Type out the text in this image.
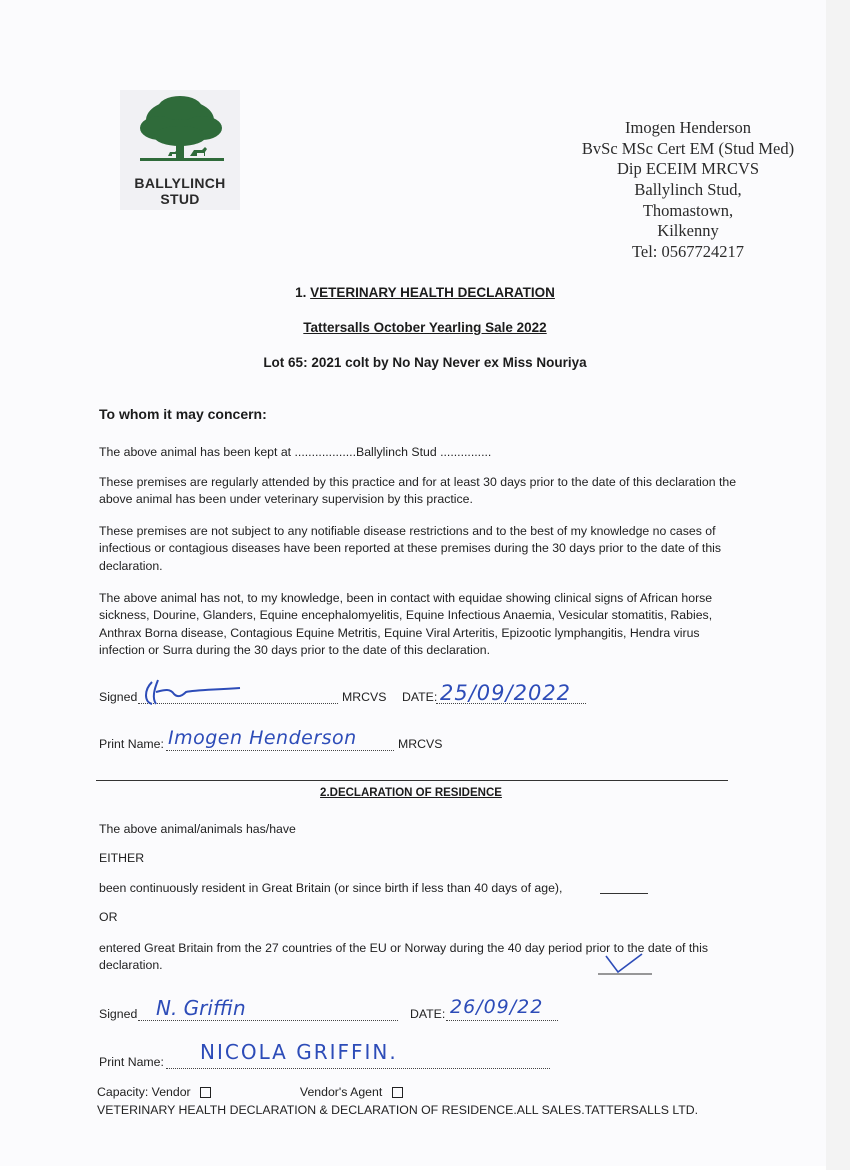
BALLYLINCH
STUD
Imogen Henderson
BvSc MSc Cert EM (Stud Med)
Dip ECEIM MRCVS
Ballylinch Stud,
Thomastown,
Kilkenny
Tel: 0567724217
1. VETERINARY HEALTH DECLARATION
Tattersalls October Yearling Sale 2022
Lot 65: 2021 colt by No Nay Never ex Miss Nouriya
To whom it may concern:
The above animal has been kept at ..................Ballylinch Stud ...............
These premises are regularly attended by this practice and for at least 30 days prior to the date of this declaration the above animal has been under veterinary supervision by this practice.
These premises are not subject to any notifiable disease restrictions and to the best of my knowledge no cases of infectious or contagious diseases have been reported at these premises during the 30 days prior to the date of this declaration.
The above animal has not, to my knowledge, been in contact with equidae showing clinical signs of African horse sickness, Dourine, Glanders, Equine encephalomyelitis, Equine Infectious Anaemia, Vesicular stomatitis, Rabies, Anthrax Borna disease, Contagious Equine Metritis, Equine Viral Arteritis, Epizootic lymphangitis, Hendra virus infection or Surra during the 30 days prior to the date of this declaration.
Signed	MRCVS DATE: 25/09/2022
Print Name: Imogen Henderson	MRCVS
2.DECLARATION OF RESIDENCE
The above animal/animals has/have
EITHER
been continuously resident in Great Britain (or since birth if less than 40 days of age),
OR
entered Great Britain from the 27 countries of the EU or Norway during the 40 day period prior to the date of this declaration.
Signed N. Griffin	DATE: 26/09/22
Print Name: NICOLA GRIFFIN.
Capacity: Vendor	Vendor's Agent
VETERINARY HEALTH DECLARATION & DECLARATION OF RESIDENCE.ALL SALES.TATTERSALLS LTD.
